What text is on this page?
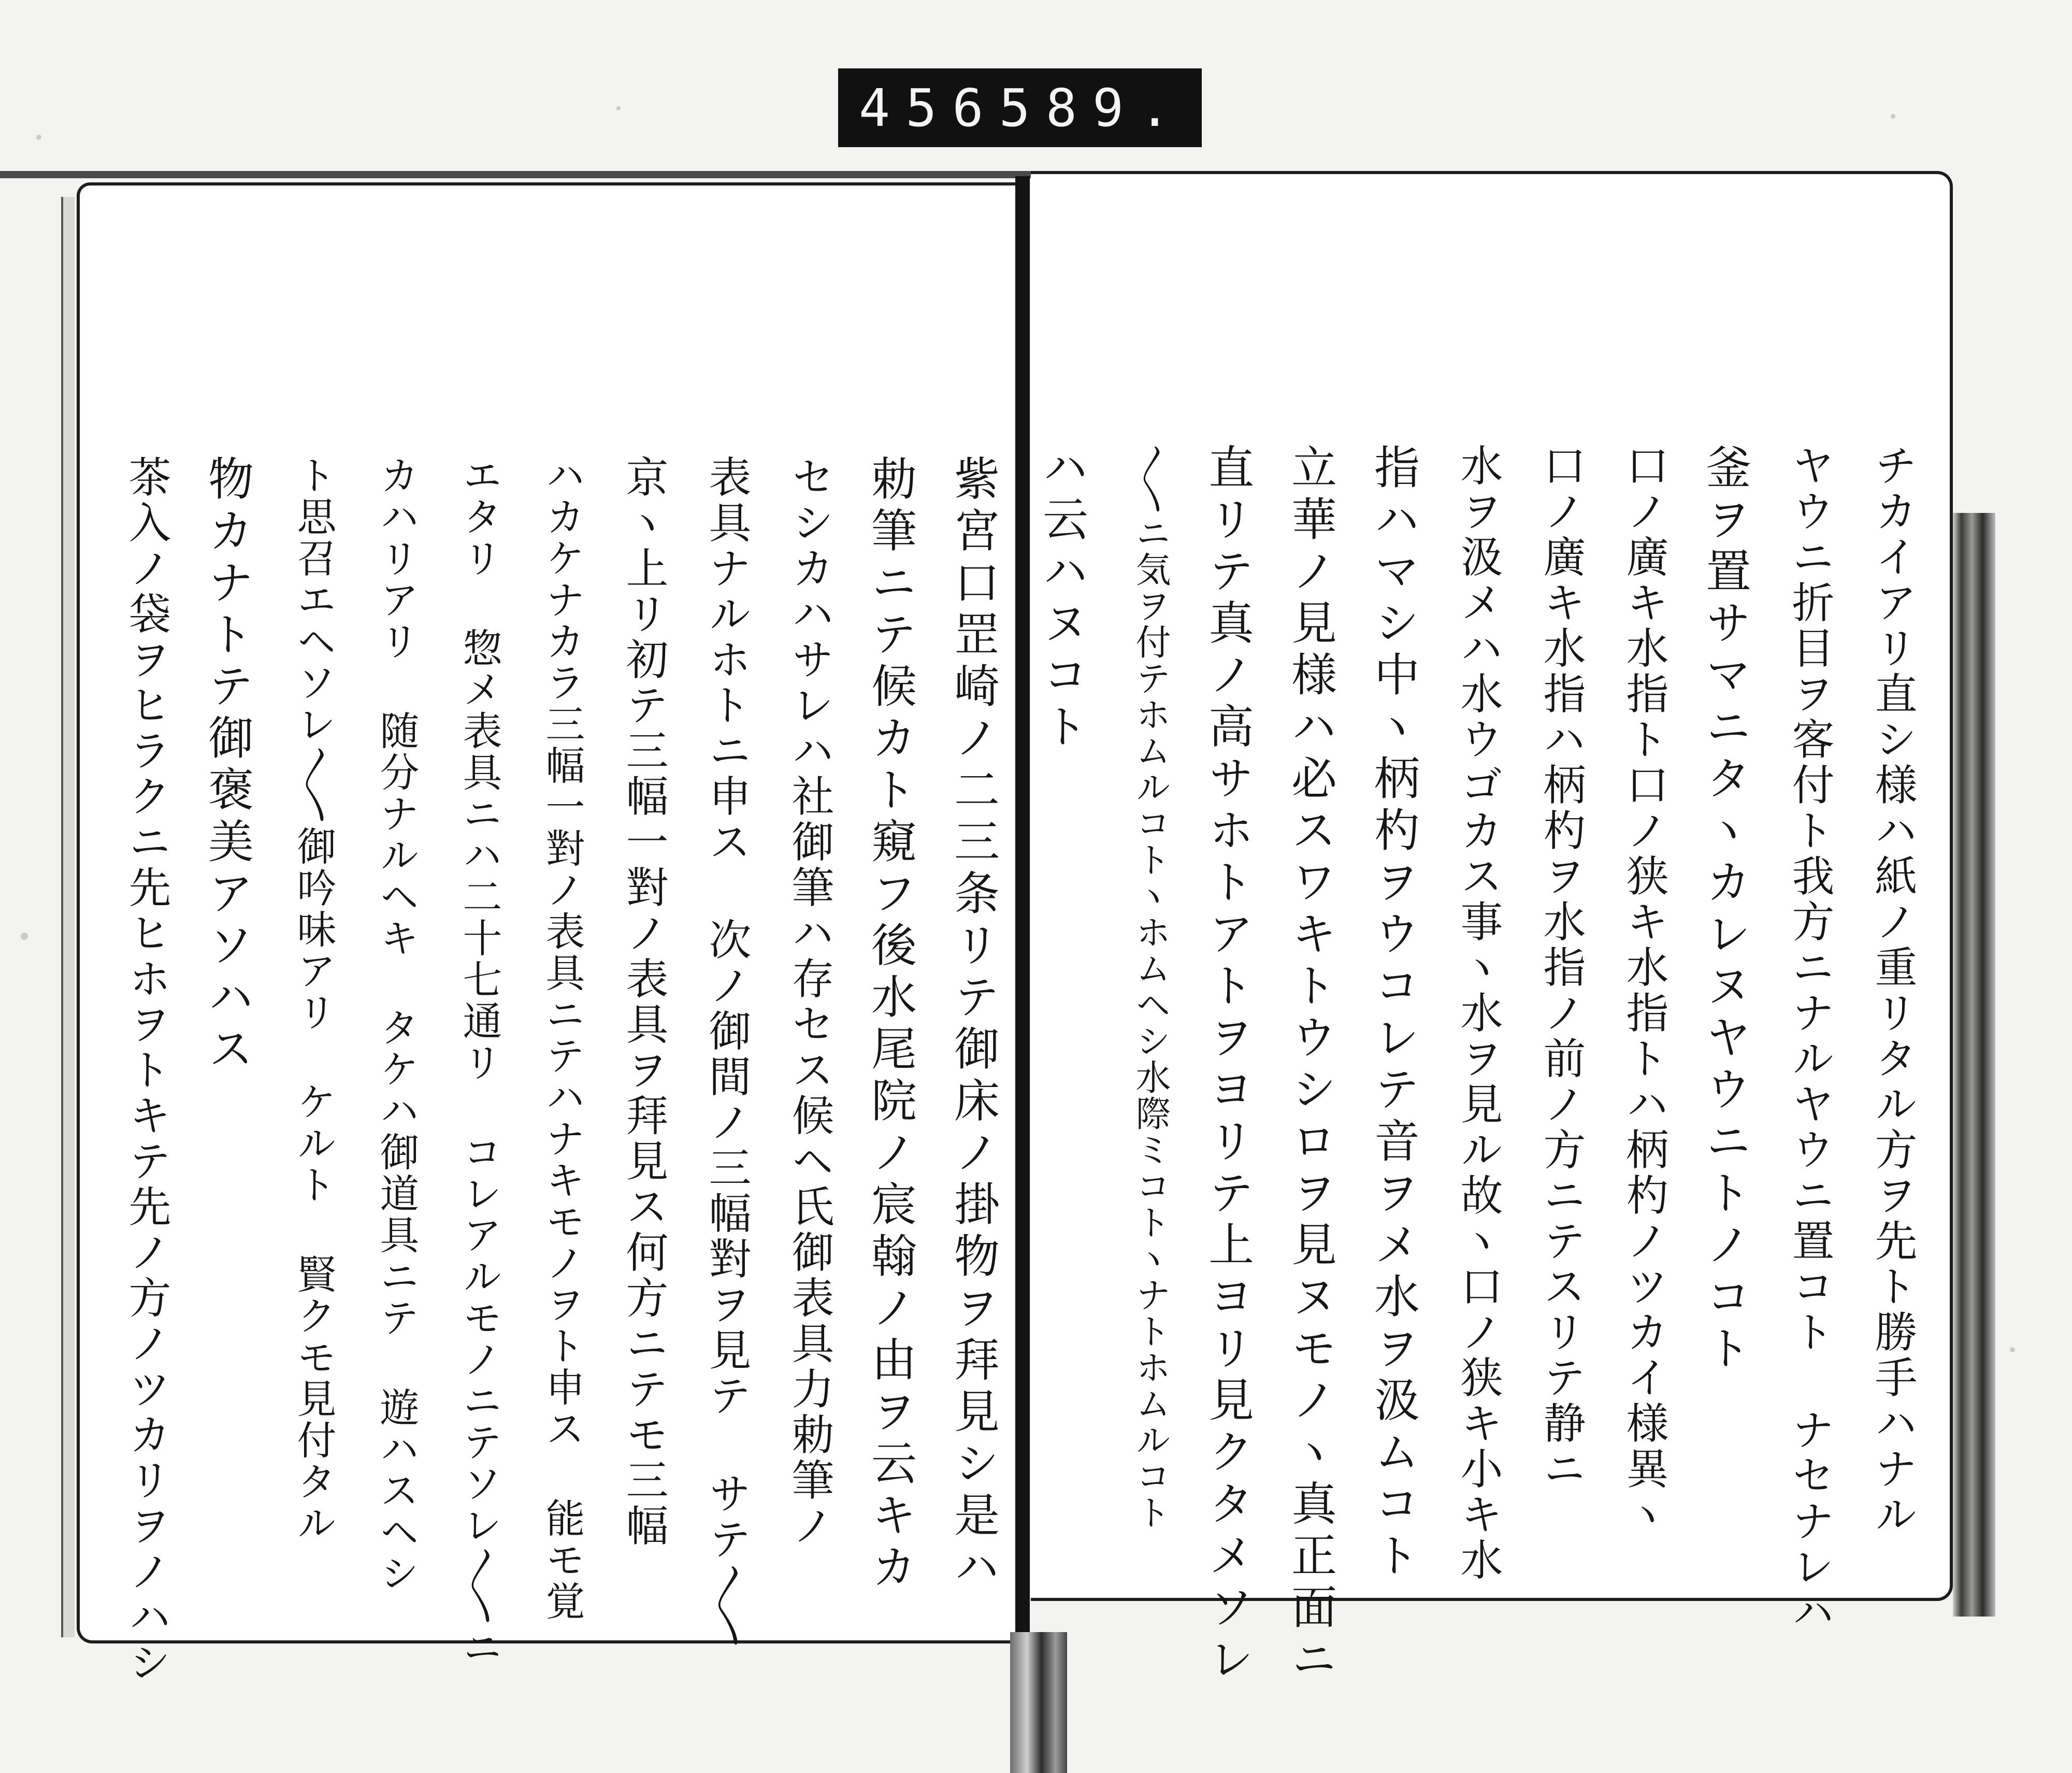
456 589.
紫宮口罡崎ノ二三条リテ御床ノ掛物ヲ拜見シ是ハ
勅筆ニテ候カト窺フ後水尾院ノ宸翰ノ由ヲ云キカ
セシカハサレハ社御筆ハ存セス候ヘ氏御表具力勅筆ノ
表具ナルホトニ申ス 次ノ御間ノ三幅對ヲ見テ サテ〳〵
京ヽ上リ初テ三幅一對ノ表具ヲ拜見ス何方ニテモ三幅
ハカケナカラ三幅一對ノ表具ニテハナキモノヲト申ス 能モ覚
エタリ 惣メ表具ニハ二十七通リ コレアルモノニテソレ〳〵ニ
カハリアリ 随分ナルヘキ タケハ御道具ニテ 遊ハスヘシ
ト思召エヘソレ〳〵御吟味アリ ケルト 賢クモ見付タル
物カナトテ御褒美アソハス
茶入ノ袋ヲヒラクニ先ヒホヲトキテ先ノ方ノツカリヲノハシ	チカイアリ直シ様ハ紙ノ重リタル方ヲ先ト勝手ハナル
ヤウニ折目ヲ客付ト我方ニナルヤウニ置コト ナセナレハ
釜ヲ置サマニタヽカレヌヤウニトノコト
口ノ廣キ水指ト口ノ狭キ水指トハ柄杓ノツカイ様異ヽ
口ノ廣キ水指ハ柄杓ヲ水指ノ前ノ方ニテスリテ静ニ
水ヲ汲メハ水ウゴカス事ヽ水ヲ見ル故ヽ口ノ狭キ小キ水
指ハマシ中ヽ柄杓ヲウコレテ音ヲメ水ヲ汲ムコト
立華ノ見様ハ必スワキトウシロヲ見ヌモノヽ真正面ニ
直リテ真ノ高サホトアトヲヨリテ上ヨリ見クタメソレ
〳〵ニ気ヲ付テホムルコトヽホムヘシ水際ミコトヽナトホムルコト
ハ云ハヌコト
